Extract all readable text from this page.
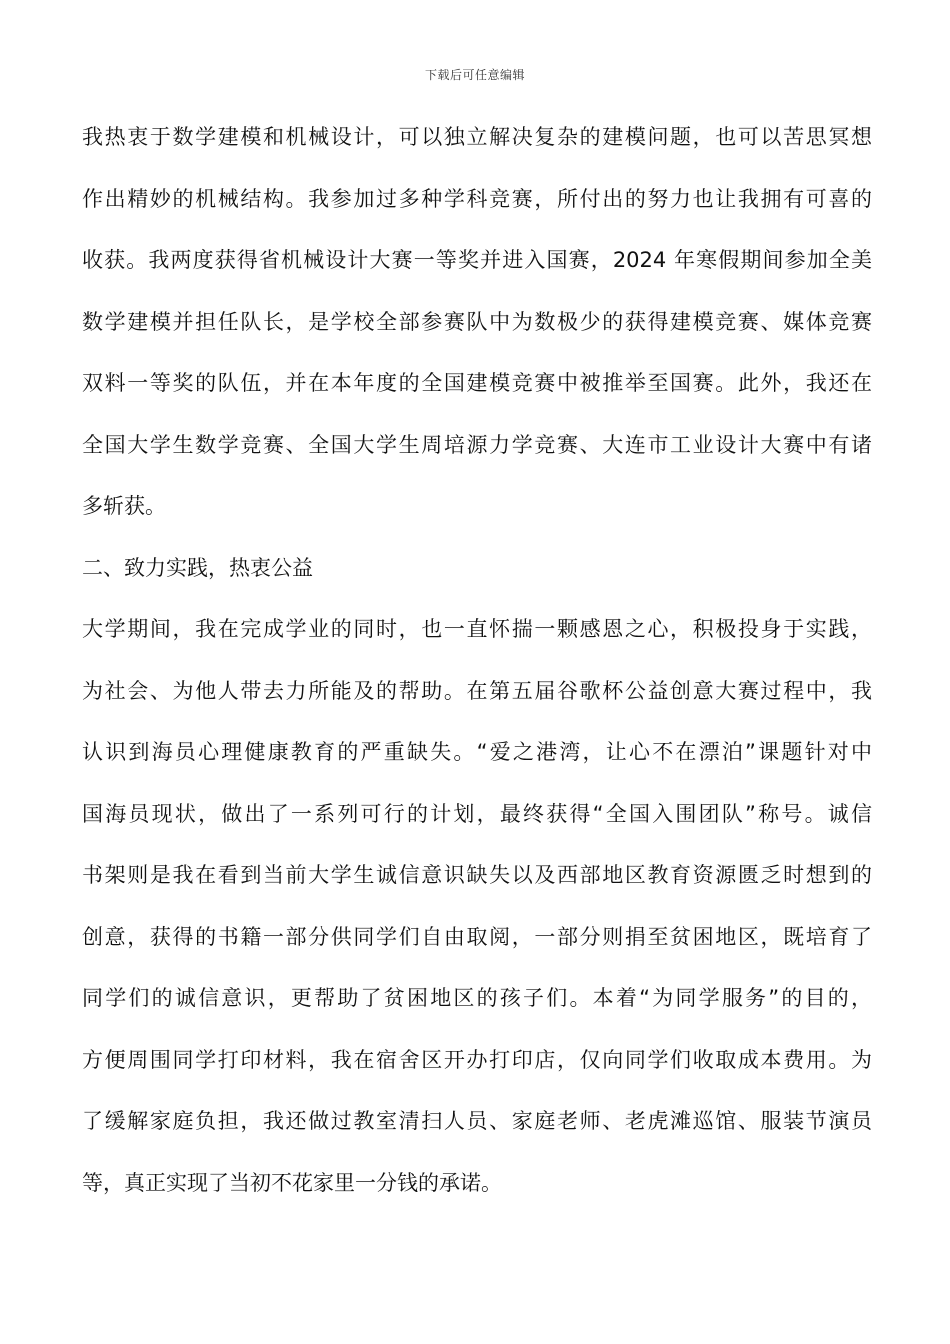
下载后可任意编辑
我热衷于数学建模和机械设计，可以独立解决复杂的建模问题，也可以苦思冥想
作出精妙的机械结构。我参加过多种学科竞赛，所付出的努力也让我拥有可喜的
收获。我两度获得省机械设计大赛一等奖并进入国赛，2024 年寒假期间参加全美
数学建模并担任队长，是学校全部参赛队中为数极少的获得建模竞赛、媒体竞赛
双料一等奖的队伍，并在本年度的全国建模竞赛中被推举至国赛。此外，我还在
全国大学生数学竞赛、全国大学生周培源力学竞赛、大连市工业设计大赛中有诸
多斩获。
二、致力实践，热衷公益
大学期间，我在完成学业的同时，也一直怀揣一颗感恩之心，积极投身于实践，
为社会、为他人带去力所能及的帮助。在第五届谷歌杯公益创意大赛过程中，我
认识到海员心理健康教育的严重缺失。“爱之港湾，让心不在漂泊”课题针对中
国海员现状，做出了一系列可行的计划，最终获得“全国入围团队”称号。诚信
书架则是我在看到当前大学生诚信意识缺失以及西部地区教育资源匮乏时想到的
创意，获得的书籍一部分供同学们自由取阅，一部分则捐至贫困地区，既培育了
同学们的诚信意识，更帮助了贫困地区的孩子们。本着“为同学服务”的目的，
方便周围同学打印材料，我在宿舍区开办打印店，仅向同学们收取成本费用。为
了缓解家庭负担，我还做过教室清扫人员、家庭老师、老虎滩巡馆、服装节演员
等，真正实现了当初不花家里一分钱的承诺。
